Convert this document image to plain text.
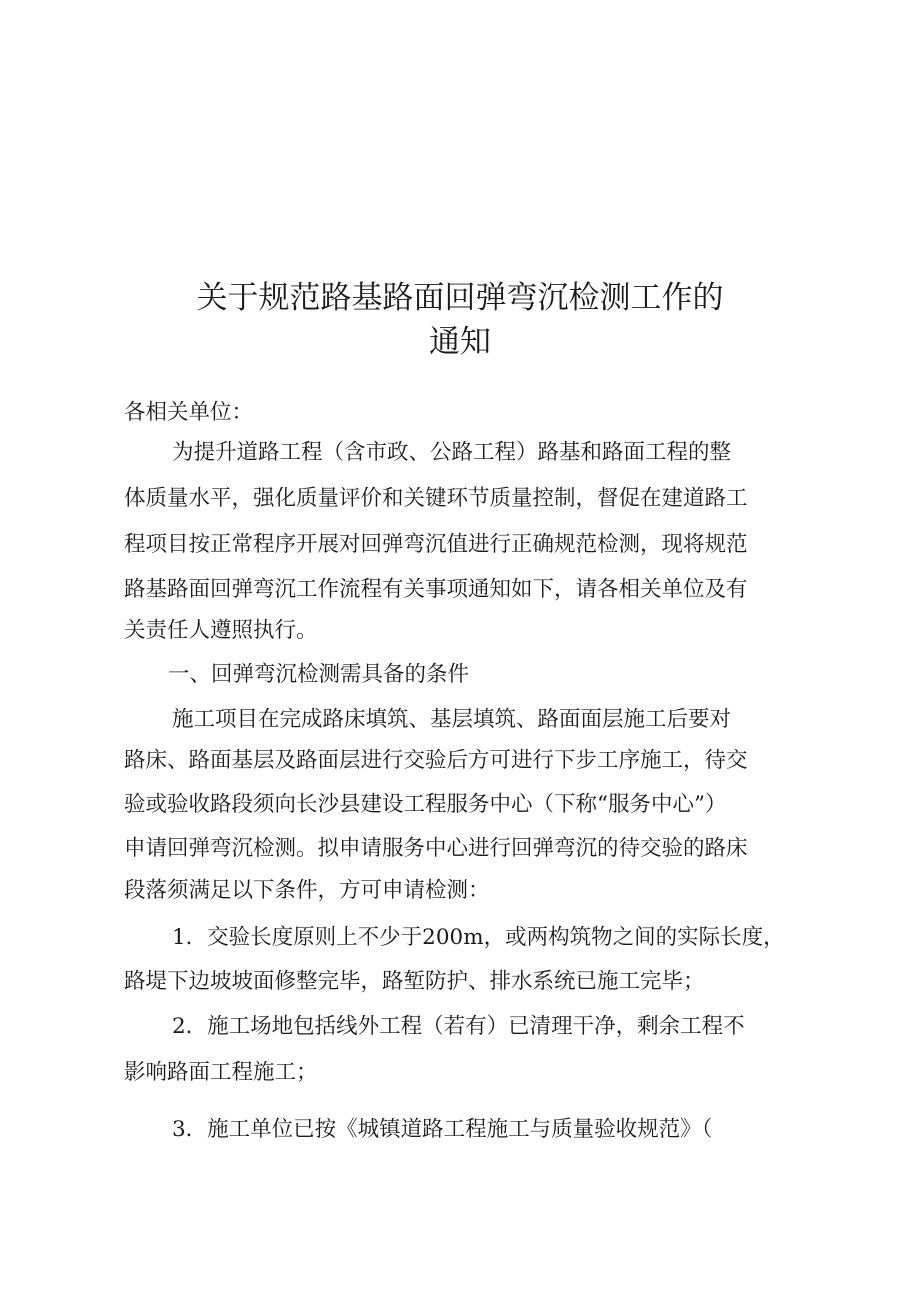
关于规范路基路面回弹弯沉检测工作的
通知

各相关单位：

为提升道路工程（含市政、公路工程）路基和路面工程的整

体质量水平，强化质量评价和关键环节质量控制，督促在建道路工

程项目按正常程序开展对回弹弯沉值进行正确规范检测，现将规范

路基路面回弹弯沉工作流程有关事项通知如下，请各相关单位及有

关责任人遵照执行。

一、回弹弯沉检测需具备的条件

施工项目在完成路床填筑、基层填筑、路面面层施工后要对

路床、路面基层及路面层进行交验后方可进行下步工序施工，待交

验或验收路段须向长沙县建设工程服务中心（下称“服务中心”）

申请回弹弯沉检测。拟申请服务中心进行回弹弯沉的待交验的路床

段落须满足以下条件，方可申请检测：

1．交验长度原则上不少于200m，或两构筑物之间的实际长度，

路堤下边坡坡面修整完毕，路堑防护、排水系统已施工完毕；

2．施工场地包括线外工程（若有）已清理干净，剩余工程不

影响路面工程施工；

3．施工单位已按《城镇道路工程施工与质量验收规范》（
